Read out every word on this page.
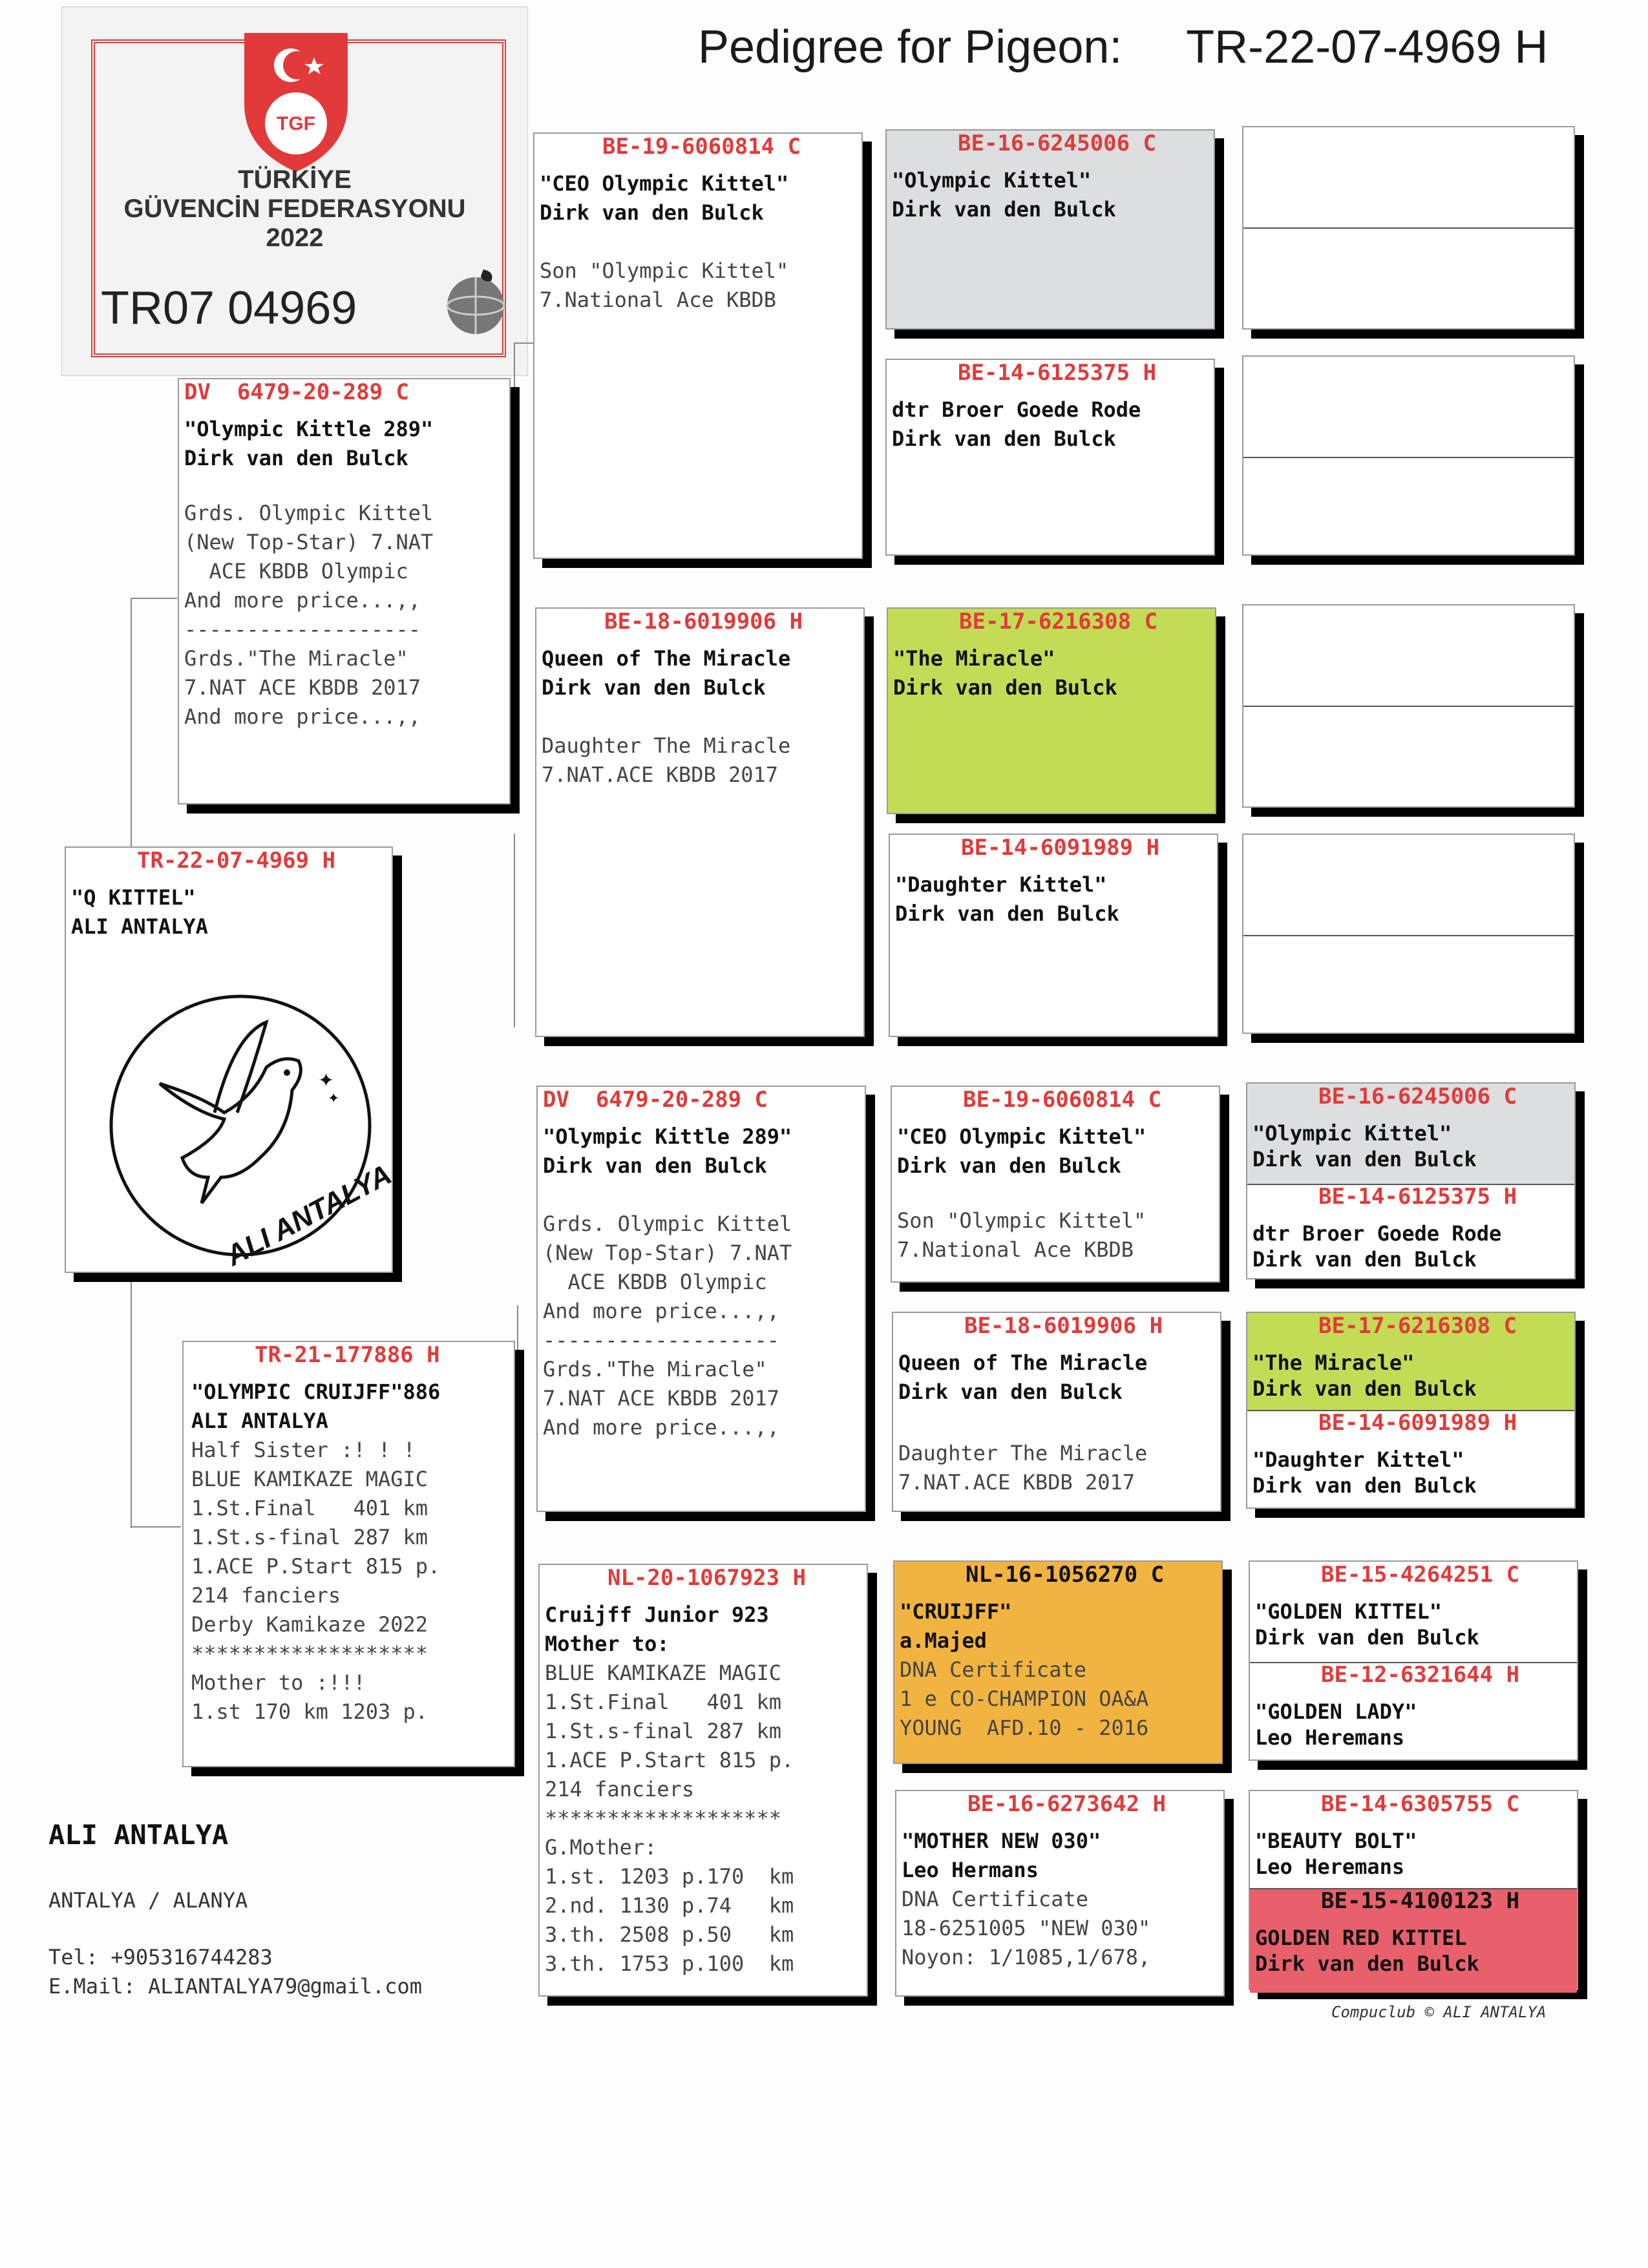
Pedigree for Pigeon: TR-22-07-4969 H
TGF
TÜRKİYE
GÜVENCİN FEDERASYONU
2022
TR07 04969
TR-22-07-4969 H
"Q KITTEL"
ALI ANTALYA
✦
✦
ALI ANTALYA
DV  6479-20-289 C
"Olympic Kittle 289"
Dirk van den Bulck
Grds. Olympic Kittel
(New Top-Star) 7.NAT
ACE KBDB Olympic
And more price...,,
-------------------
Grds."The Miracle"
7.NAT ACE KBDB 2017
And more price...,,
TR-21-177886 H
"OLYMPIC CRUIJFF"886
ALI ANTALYA
Half Sister :! ! !
BLUE KAMIKAZE MAGIC
1.St.Final   401 km
1.St.s-final 287 km
1.ACE P.Start 815 p.
214 fanciers
Derby Kamikaze 2022
*******************
Mother to :!!!
1.st 170 km 1203 p.
BE-19-6060814 C
"CEO Olympic Kittel"
Dirk van den Bulck
Son "Olympic Kittel"
7.National Ace KBDB
BE-18-6019906 H
Queen of The Miracle
Dirk van den Bulck
Daughter The Miracle
7.NAT.ACE KBDB 2017
DV  6479-20-289 C
"Olympic Kittle 289"
Dirk van den Bulck
Grds. Olympic Kittel
(New Top-Star) 7.NAT
ACE KBDB Olympic
And more price...,,
-------------------
Grds."The Miracle"
7.NAT ACE KBDB 2017
And more price...,,
NL-20-1067923 H
Cruijff Junior 923
Mother to:
BLUE KAMIKAZE MAGIC
1.St.Final   401 km
1.St.s-final 287 km
1.ACE P.Start 815 p.
214 fanciers
*******************
G.Mother:
1.st. 1203 p.170  km
2.nd. 1130 p.74   km
3.th. 2508 p.50   km
3.th. 1753 p.100  km
BE-16-6245006 C
"Olympic Kittel"
Dirk van den Bulck
BE-14-6125375 H
dtr Broer Goede Rode
Dirk van den Bulck
BE-17-6216308 C
"The Miracle"
Dirk van den Bulck
BE-14-6091989 H
"Daughter Kittel"
Dirk van den Bulck
BE-19-6060814 C
"CEO Olympic Kittel"
Dirk van den Bulck
Son "Olympic Kittel"
7.National Ace KBDB
BE-18-6019906 H
Queen of The Miracle
Dirk van den Bulck
Daughter The Miracle
7.NAT.ACE KBDB 2017
NL-16-1056270 C
"CRUIJFF"
a.Majed
DNA Certificate
1 e CO-CHAMPION OA&A
YOUNG  AFD.10 - 2016
BE-16-6273642 H
"MOTHER NEW 030"
Leo Hermans
DNA Certificate
18-6251005 "NEW 030"
Noyon: 1/1085,1/678,
BE-16-6245006 C
"Olympic Kittel"
Dirk van den Bulck
BE-14-6125375 H
dtr Broer Goede Rode
Dirk van den Bulck
BE-17-6216308 C
"The Miracle"
Dirk van den Bulck
BE-14-6091989 H
"Daughter Kittel"
Dirk van den Bulck
BE-15-4264251 C
"GOLDEN KITTEL"
Dirk van den Bulck
BE-12-6321644 H
"GOLDEN LADY"
Leo Heremans
BE-14-6305755 C
"BEAUTY BOLT"
Leo Heremans
BE-15-4100123 H
GOLDEN RED KITTEL
Dirk van den Bulck
ALI ANTALYA
ANTALYA / ALANYA
Tel: +905316744283
E.Mail: ALIANTALYA79@gmail.com
Compuclub © ALI ANTALYA
